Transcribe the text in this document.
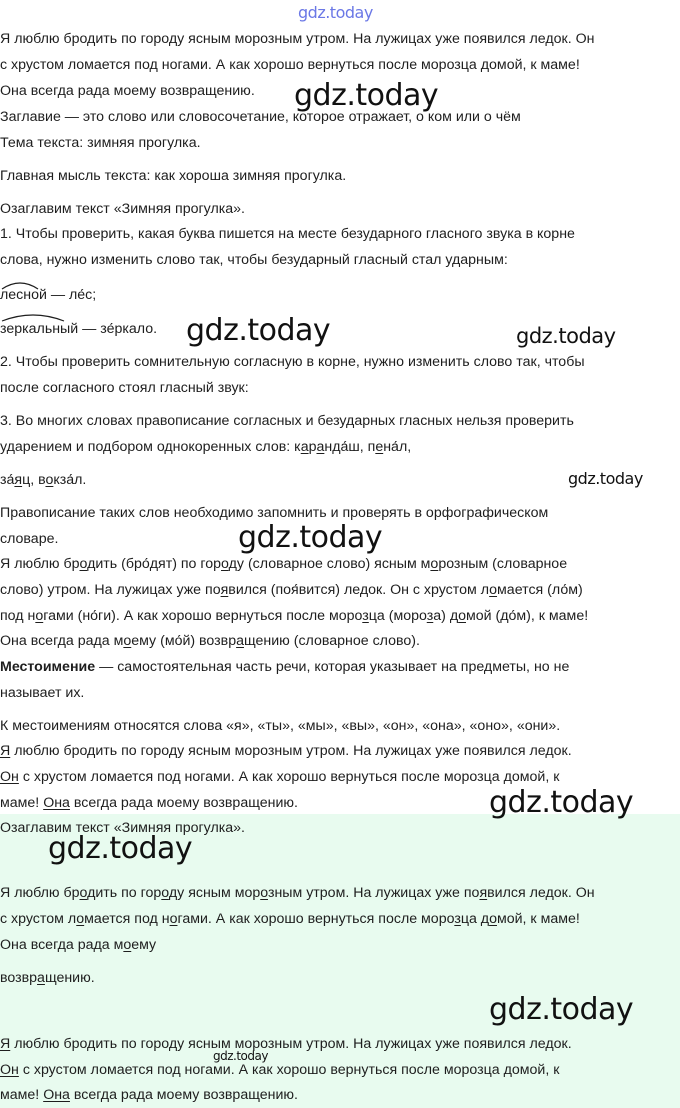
gdz.today
gdz.today
gdz.today	gdz.today
gdz.today
gdz.today
gdz.today
gdz.today
gdz.today
gdz.today
Я люблю бродить по городу ясным морозным утром. На лужицах уже появился ледок. Он
с хрустом ломается под ногами. А как хорошо вернуться после морозца домой, к маме!
Она всегда рада моему возвращению.
Заглавие — это слово или словосочетание, которое отражает, о ком или о чём
Тема текста: зимняя прогулка.
Главная мысль текста: как хороша зимняя прогулка.
Озаглавим текст «Зимняя прогулка».
1. Чтобы проверить, какая буква пишется на месте безударного гласного звука в корне
слова, нужно изменить слово так, чтобы безударный гласный стал ударным:
лесной — ле́с;
зеркальный — зе́ркало.
2. Чтобы проверить сомнительную согласную в корне, нужно изменить слово так, чтобы
после согласного стоял гласный звук:
3. Во многих словах правописание согласных и безударных гласных нельзя проверить
ударением и подбором однокоренных слов: каранда́ш, пена́л,
за́яц, вокза́л.
Правописание таких слов необходимо запомнить и проверять в орфографическом
словаре.
Я люблю бродить (бро́дят) по городу (словарное слово) ясным морозным (словарное
слово) утром. На лужицах уже появился (поя́вится) ледок. Он с хрустом ломается (ло́м)
под ногами (но́ги). А как хорошо вернуться после морозца (мороза) домой (до́м), к маме!
Она всегда рада моему (мо́й) возвращению (словарное слово).
Местоимение — самостоятельная часть речи, которая указывает на предметы, но не
называет их.
К местоимениям относятся слова «я», «ты», «мы», «вы», «он», «она», «оно», «они».
Я люблю бродить по городу ясным морозным утром. На лужицах уже появился ледок.
Он с хрустом ломается под ногами. А как хорошо вернуться после морозца домой, к
маме! Она всегда рада моему возвращению.
Озаглавим текст «Зимняя прогулка».
Я люблю бродить по городу ясным морозным утром. На лужицах уже появился ледок. Он
с хрустом ломается под ногами. А как хорошо вернуться после морозца домой, к маме!
Она всегда рада моему
возвращению.
Я люблю бродить по городу ясным морозным утром. На лужицах уже появился ледок.
Он с хрустом ломается под ногами. А как хорошо вернуться после морозца домой, к
маме! Она всегда рада моему возвращению.
